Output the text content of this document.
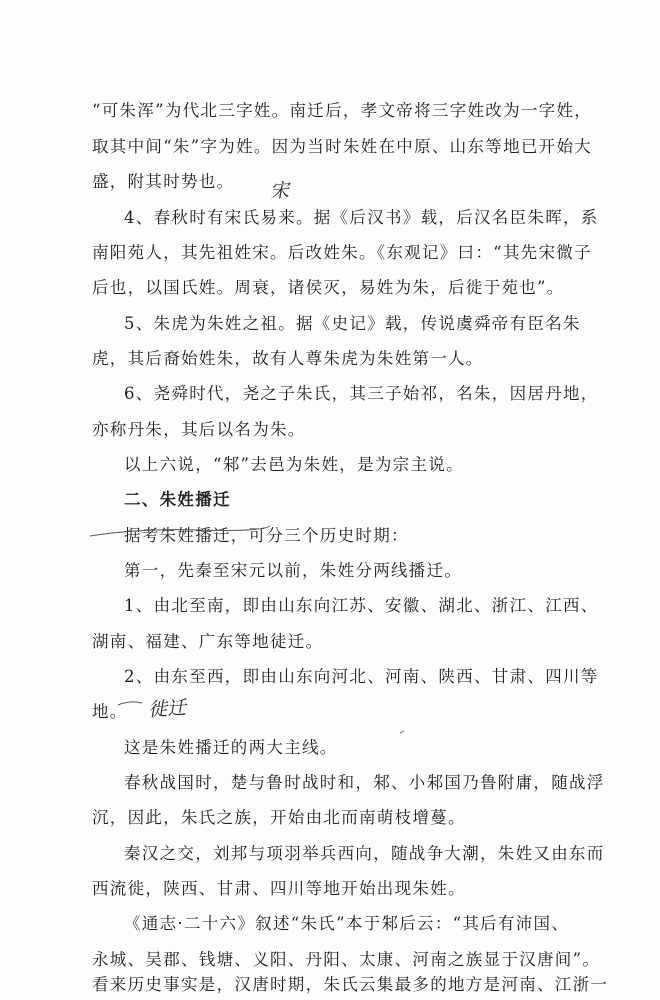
“可朱浑”为代北三字姓。南迁后，孝文帝将三字姓改为一字姓，
取其中间“朱”字为姓。因为当时朱姓在中原、山东等地已开始大
盛，附其时势也。
4、春秋时有宋氏易来。据《后汉书》载，后汉名臣朱晖，系
南阳苑人，其先祖姓宋。后改姓朱。《东观记》曰：“其先宋微子
后也，以国氏姓。周衰，诸侯灭，易姓为朱，后徙于苑也”。
5、朱虎为朱姓之祖。据《史记》载，传说虞舜帝有臣名朱
虎，其后裔始姓朱，故有人尊朱虎为朱姓第一人。
6、尧舜时代，尧之子朱氏，其三子始祁，名朱，因居丹地，
亦称丹朱，其后以名为朱。
以上六说，“邾”去邑为朱姓，是为宗主说。
二、朱姓播迁
据考朱姓播迁，可分三个历史时期：
第一，先秦至宋元以前，朱姓分两线播迁。
1、由北至南，即由山东向江苏、安徽、湖北、浙江、江西、
湖南、福建、广东等地徒迁。
2、由东至西，即由山东向河北、河南、陕西、甘肃、四川等
地。
这是朱姓播迁的两大主线。
春秋战国时，楚与鲁时战时和，邾、小邾国乃鲁附庸，随战浮
沉，因此，朱氏之族，开始由北而南萌枝增蔓。
秦汉之交，刘邦与项羽举兵西向，随战争大潮，朱姓又由东而
西流徙，陕西、甘肃、四川等地开始出现朱姓。
《通志·二十六》叙述“朱氏”本于邾后云：“其后有沛国、
永城、吴郡、钱塘、义阳、丹阳、太康、河南之族显于汉唐间”。
看来历史事实是，汉唐时期，朱氏云集最多的地方是河南、江浙一
宋
徙迁
